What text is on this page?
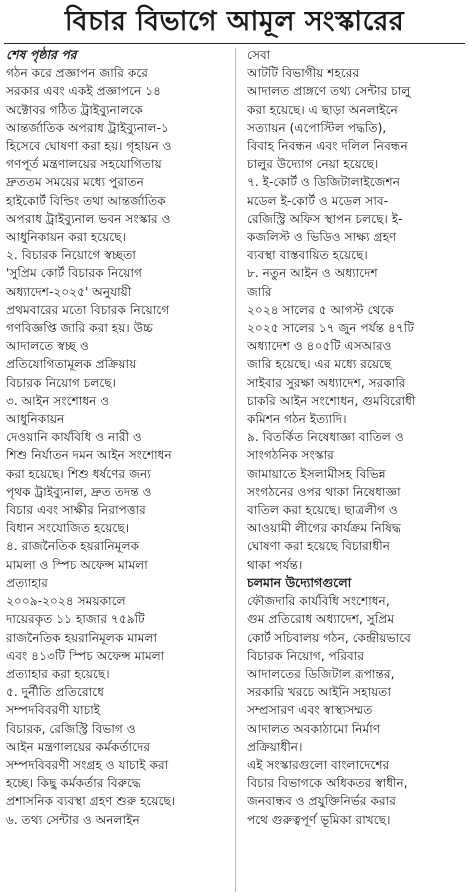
বিচার বিভাগে আমূল সংস্কারের
শেষ পৃষ্ঠার পর
গঠন করে প্রজ্ঞাপন জারি করে
সরকার এবং একই প্রজ্ঞাপনে ১৪
অক্টোবর গঠিত ট্রাইব্যুনালকে
আন্তর্জাতিক অপরাধ ট্রাইব্যুনাল-১
হিসেবে ঘোষণা করা হয়। গৃহায়ন ও
গণপূর্ত মন্ত্রণালয়ের সহযোগিতায়
দ্রুততম সময়ের মধ্যে পুরাতন
হাইকোর্ট বিল্ডিং তথা আন্তর্জাতিক
অপরাধ ট্রাইব্যুনাল ভবন সংস্কার ও
আধুনিকায়ন করা হয়েছে।
২. বিচারক নিয়োগে স্বচ্ছতা
'সুপ্রিম কোর্ট বিচারক নিয়োগ
অধ্যাদেশ-২০২৫' অনুযায়ী
প্রথমবারের মতো বিচারক নিয়োগে
গণবিজ্ঞপ্তি জারি করা হয়। উচ্চ
আদালতে স্বচ্ছ ও
প্রতিযোগিতামূলক প্রক্রিয়ায়
বিচারক নিয়োগ চলছে।
৩. আইন সংশোধন ও
আধুনিকায়ন
দেওয়ানি কার্যবিধি ও নারী ও
শিশু নির্যাতন দমন আইন সংশোধন
করা হয়েছে। শিশু ধর্ষণের জন্য
পৃথক ট্রাইব্যুনাল, দ্রুত তদন্ত ও
বিচার এবং সাক্ষীর নিরাপত্তার
বিধান সংযোজিত হয়েছে।
৪. রাজনৈতিক হয়রানিমূলক
মামলা ও স্পিচ অফেন্স মামলা
প্রত্যাহার
২০০৯-২০২৪ সময়কালে
দায়েরকৃত ১১ হাজার ৭৫৯টি
রাজনৈতিক হয়রানিমূলক মামলা
এবং ৪১৩টি স্পিচ অফেন্স মামলা
প্রত্যাহার করা হয়েছে।
৫. দুর্নীতি প্রতিরোধে
সম্পদবিবরণী যাচাই
বিচারক, রেজিস্ট্রি বিভাগ ও
আইন মন্ত্রণালয়ের কর্মকর্তাদের
সম্পদবিবরণী সংগ্রহ ও যাচাই করা
হচ্ছে। কিছু কর্মকর্তার বিরুদ্ধে
প্রশাসনিক ব্যবস্থা গ্রহণ শুরু হয়েছে।
৬. তথ্য সেন্টার ও অনলাইন
সেবা
আটটি বিভাগীয় শহরের
আদালত প্রাঙ্গণে তথ্য সেন্টার চালু
করা হয়েছে। এ ছাড়া অনলাইনে
সত্যায়ন (এপোস্টিল পদ্ধতি),
বিবাহ নিবন্ধন এবং দলিল নিবন্ধন
চালুর উদ্যোগ নেয়া হয়েছে।
৭. ই-কোর্ট ও ডিজিটালাইজেশন
মডেল ই-কোর্ট ও মডেল সাব-
রেজিস্ট্রি অফিস স্থাপন চলছে। ই-
কজলিস্ট ও ভিডিও সাক্ষ্য গ্রহণ
ব্যবস্থা বাস্তবায়িত হয়েছে।
৮. নতুন আইন ও অধ্যাদেশ
জারি
২০২৪ সালের ৫ আগস্ট থেকে
২০২৫ সালের ১৭ জুন পর্যন্ত ৪৭টি
অধ্যাদেশ ও ৪০৫টি এসআরও
জারি হয়েছে। এর মধ্যে রয়েছে
সাইবার সুরক্ষা অধ্যাদেশ, সরকারি
চাকরি আইন সংশোধন, গুমবিরোধী
কমিশন গঠন ইত্যাদি।
৯. বিতর্কিত নিষেধাজ্ঞা বাতিল ও
সাংগঠনিক সংস্কার
জামায়াতে ইসলামীসহ বিভিন্ন
সংগঠনের ওপর থাকা নিষেধাজ্ঞা
বাতিল করা হয়েছে। ছাত্রলীগ ও
আওয়ামী লীগের কার্যক্রম নিষিদ্ধ
ঘোষণা করা হয়েছে বিচারাধীন
থাকা পর্যন্ত।
চলমান উদ্যোগগুলো
ফৌজদারি কার্যবিধি সংশোধন,
গুম প্রতিরোধ অধ্যাদেশ, সুপ্রিম
কোর্ট সচিবালয় গঠন, কেন্দ্রীয়ভাবে
বিচারক নিয়োগ, পরিবার
আদালতের ডিজিটাল রূপান্তর,
সরকারি খরচে আইনি সহায়তা
সম্প্রসারণ এবং স্বাস্থ্যসম্মত
আদালত অবকাঠামো নির্মাণ
প্রক্রিয়াধীন।
এই সংস্কারগুলো বাংলাদেশের
বিচার বিভাগকে অধিকতর স্বাধীন,
জনবান্ধব ও প্রযুক্তিনির্ভর করার
পথে গুরুত্বপূর্ণ ভূমিকা রাখছে।
